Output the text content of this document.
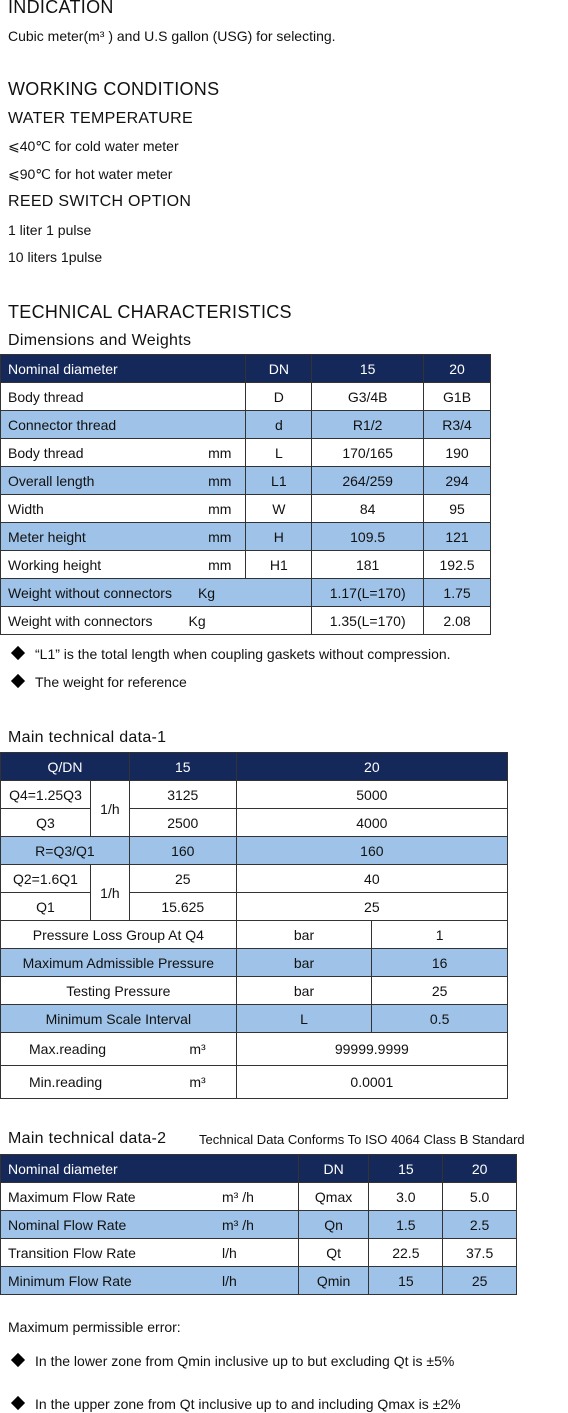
INDICATION
Cubic meter(m³ ) and U.S gallon (USG) for selecting.
WORKING CONDITIONS
WATER TEMPERATURE
⩽40℃ for cold water meter
⩽90℃ for hot water meter
REED SWITCH OPTION
1 liter 1 pulse
10 liters 1pulse
TECHNICAL CHARACTERISTICS
Dimensions and Weights
Nominal diameter	DN	15	20

Body thread	D	G3/4B	G1B

Connector thread	d	R1/2	R3/4

Body thread mm	L	170/165	190

Overall length mm	L1	264/259	294

Width mm	W	84	95

Meter height mm	H	109.5	121

Working height mm	H1	181	192.5
Weight without connectors Kg		1.17(L=170)	1.75
Weight with connectors Kg		1.35(L=170)	2.08
“L1” is the total length when coupling gaskets without compression.
The weight for reference
Main technical data-1
Q/DN		15	20	
Q4=1.25Q3	1/h	3125	5000	
Q3		2500	4000	
R=Q3/Q1		160	160	
Q2=1.6Q1	1/h	25	40	
Q1		15.625	25	
Pressure Loss Group At Q4			bar	1
Maximum Admissible Pressure			bar	16
Testing Pressure			bar	25
Minimum Scale Interval			L	0.5

Max.reading m³			99999.9999	

Min.reading m³			0.0001	
Main technical data-2	Technical Data Conforms To ISO 4064 Class B Standard
Nominal diameter	DN	15	20

Maximum Flow Rate m³ /h	Qmax	3.0	5.0

Nominal Flow Rate m³ /h	Qn	1.5	2.5

Transition Flow Rate l/h	Qt	22.5	37.5

Minimum Flow Rate l/h	Qmin	15	25
Maximum permissible error:
In the lower zone from Qmin inclusive up to but excluding Qt is ±5%
In the upper zone from Qt inclusive up to and including Qmax is ±2%
